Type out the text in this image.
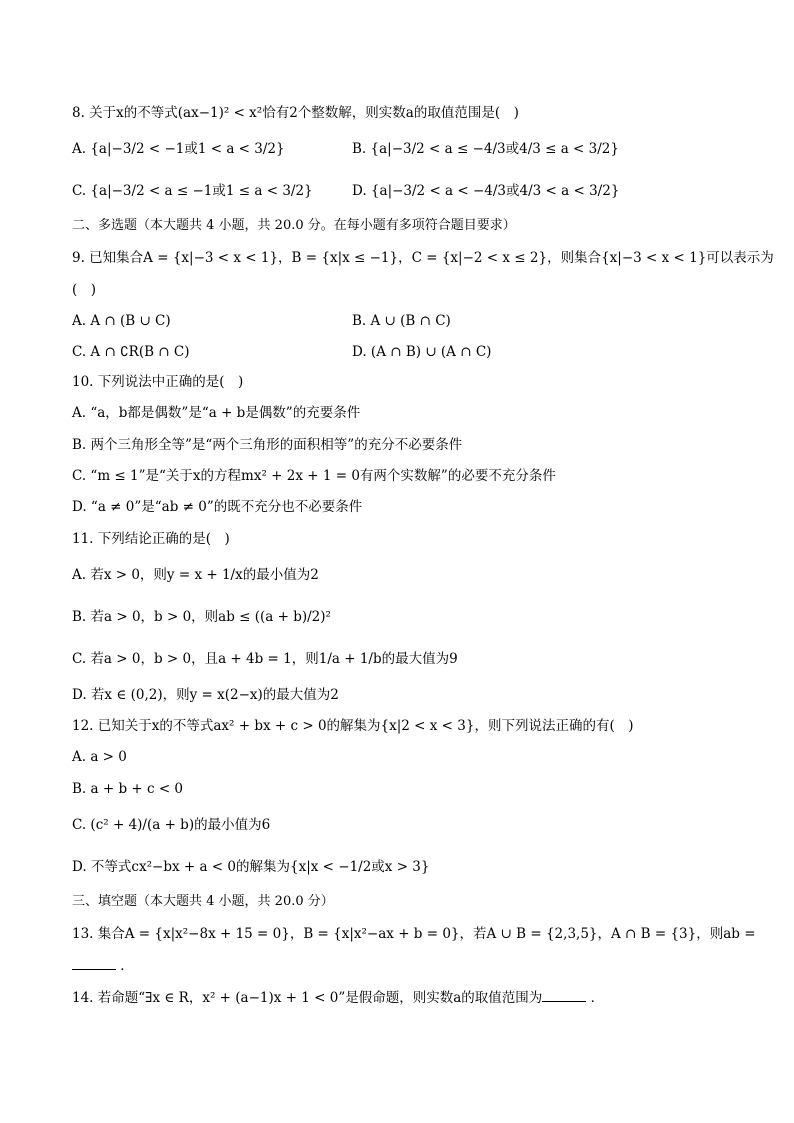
8. 关于x的不等式(ax−1)² < x²恰有2个整数解，则实数a的取值范围是(　)
A. {a|−3/2 < −1或1 < a < 3/2}	B. {a|−3/2 < a ≤ −4/3或4/3 ≤ a < 3/2}
C. {a|−3/2 < a ≤ −1或1 ≤ a < 3/2}	D. {a|−3/2 < a < −4/3或4/3 < a < 3/2}
二、多选题（本大题共 4 小题，共 20.0 分。在每小题有多项符合题目要求）
9. 已知集合A = {x|−3 < x < 1}，B = {x|x ≤ −1}，C = {x|−2 < x ≤ 2}，则集合{x|−3 < x < 1}可以表示为
(　)
A. A ∩ (B ∪ C)	B. A ∪ (B ∩ C)
C. A ∩ ∁R(B ∩ C)	D. (A ∩ B) ∪ (A ∩ C)
10. 下列说法中正确的是(　)
A. “a，b都是偶数”是“a + b是偶数”的充要条件
B. 两个三角形全等”是“两个三角形的面积相等”的充分不必要条件
C. “m ≤ 1”是“关于x的方程mx² + 2x + 1 = 0有两个实数解”的必要不充分条件
D. “a ≠ 0”是“ab ≠ 0”的既不充分也不必要条件
11. 下列结论正确的是(　)
A. 若x > 0，则y = x + 1/x的最小值为2
B. 若a > 0，b > 0，则ab ≤ ((a + b)/2)²
C. 若a > 0，b > 0，且a + 4b = 1，则1/a + 1/b的最大值为9
D. 若x ∈ (0,2)，则y = x(2−x)的最大值为2
12. 已知关于x的不等式ax² + bx + c > 0的解集为{x|2 < x < 3}，则下列说法正确的有(　)
A. a > 0
B. a + b + c < 0
C. (c² + 4)/(a + b)的最小值为6
D. 不等式cx²−bx + a < 0的解集为{x|x < −1/2或x > 3}
三、填空题（本大题共 4 小题，共 20.0 分）
13. 集合A = {x|x²−8x + 15 = 0}，B = {x|x²−ax + b = 0}，若A ∪ B = {2,3,5}，A ∩ B = {3}，则ab =
．
14. 若命题“∃x ∈ R，x² + (a−1)x + 1 < 0”是假命题，则实数a的取值范围为	．
